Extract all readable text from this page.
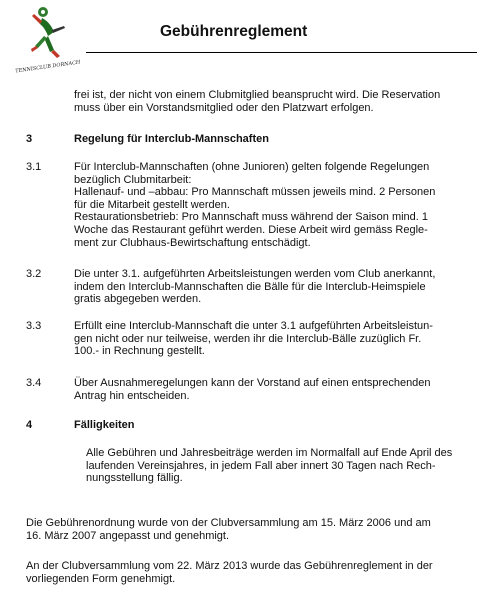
TENNISCLUB DORNACH
Gebührenreglement
frei ist, der nicht von einem Clubmitglied beansprucht wird. Die Reservation
muss über ein Vorstandsmitglied oder den Platzwart erfolgen.
3	Regelung für Interclub-Mannschaften
3.1	Für Interclub-Mannschaften (ohne Junioren) gelten folgende Regelungen
bezüglich Clubmitarbeit:
Hallenauf- und –abbau: Pro Mannschaft müssen jeweils mind. 2 Personen
für die Mitarbeit gestellt werden.
Restaurationsbetrieb: Pro Mannschaft muss während der Saison mind. 1
Woche das Restaurant geführt werden. Diese Arbeit wird gemäss Regle-
ment zur Clubhaus-Bewirtschaftung entschädigt.
3.2	Die unter 3.1. aufgeführten Arbeitsleistungen werden vom Club anerkannt,
indem den Interclub-Mannschaften die Bälle für die Interclub-Heimspiele
gratis abgegeben werden.
3.3	Erfüllt eine Interclub-Mannschaft die unter 3.1 aufgeführten Arbeitsleistun-
gen nicht oder nur teilweise, werden ihr die Interclub-Bälle zuzüglich Fr.
100.- in Rechnung gestellt.
3.4	Über Ausnahmeregelungen kann der Vorstand auf einen entsprechenden
Antrag hin entscheiden.
4	Fälligkeiten
Alle Gebühren und Jahresbeiträge werden im Normalfall auf Ende April des
laufenden Vereinsjahres, in jedem Fall aber innert 30 Tagen nach Rech-
nungsstellung fällig.
Die Gebührenordnung wurde von der Clubversammlung am 15. März 2006 und am
16. März 2007 angepasst und genehmigt.
An der Clubversammlung vom 22. März 2013 wurde das Gebührenreglement in der
vorliegenden Form genehmigt.
